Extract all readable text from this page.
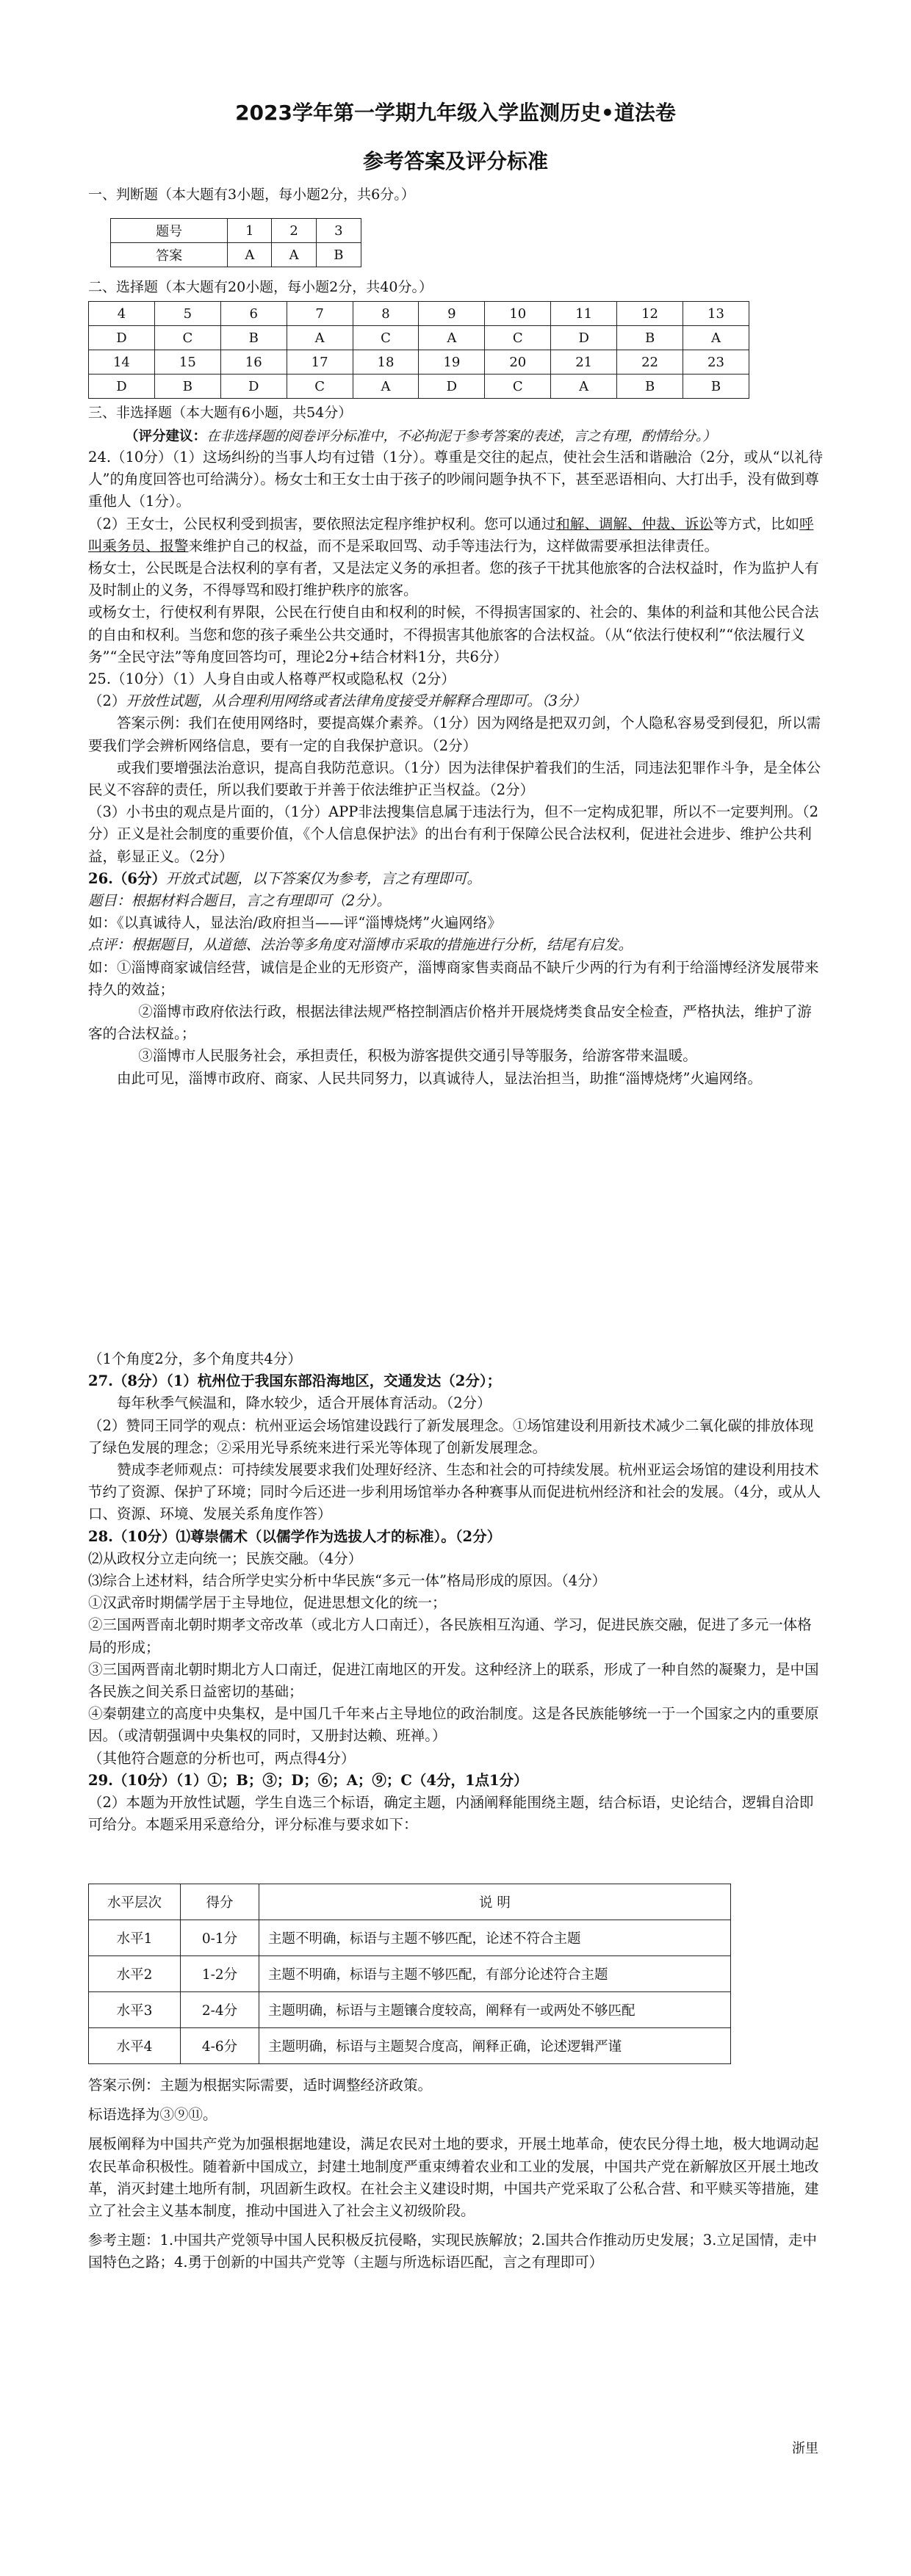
2023学年第一学期九年级入学监测历史•道法卷
参考答案及评分标准
一、判断题（本大题有3小题，每小题2分，共6分。）
题号	1	2	3
答案	A	A	B
二、选择题（本大题有20小题，每小题2分，共40分。）
4	5	6	7	8	9	10	11	12	13
D	C	B	A	C	A	C	D	B	A
14	15	16	17	18	19	20	21	22	23
D	B	D	C	A	D	C	A	B	B
三、非选择题（本大题有6小题，共54分）
（评分建议：在非选择题的阅卷评分标准中，不必拘泥于参考答案的表述，言之有理，酌情给分。）

24.（10分）（1）这场纠纷的当事人均有过错（1分）。尊重是交往的起点，使社会生活和谐融洽（2分，或从“以礼待人”的角度回答也可给满分）。杨女士和王女士由于孩子的吵闹问题争执不下，甚至恶语相向、大打出手，没有做到尊重他人（1分）。

（2）王女士，公民权利受到损害，要依照法定程序维护权利。您可以通过和解、调解、仲裁、诉讼等方式，比如呼叫乘务员、报警来维护自己的权益，而不是采取回骂、动手等违法行为，这样做需要承担法律责任。

杨女士，公民既是合法权利的享有者，又是法定义务的承担者。您的孩子干扰其他旅客的合法权益时，作为监护人有及时制止的义务，不得辱骂和殴打维护秩序的旅客。

或杨女士，行使权利有界限，公民在行使自由和权利的时候，不得损害国家的、社会的、集体的利益和其他公民合法的自由和权利。当您和您的孩子乘坐公共交通时，不得损害其他旅客的合法权益。（从“依法行使权利”“依法履行义务”“全民守法”等角度回答均可，理论2分+结合材料1分，共6分）

25.（10分）（1）人身自由或人格尊严权或隐私权（2分）

（2）开放性试题，从合理利用网络或者法律角度接受并解释合理即可。（3分）

答案示例：我们在使用网络时，要提高媒介素养。（1分）因为网络是把双刃剑，个人隐私容易受到侵犯，所以需要我们学会辨析网络信息，要有一定的自我保护意识。（2分）

或我们要增强法治意识，提高自我防范意识。（1分）因为法律保护着我们的生活，同违法犯罪作斗争，是全体公民义不容辞的责任，所以我们要敢于并善于依法维护正当权益。（2分）

（3）小书虫的观点是片面的，（1分）APP非法搜集信息属于违法行为，但不一定构成犯罪，所以不一定要判刑。（2分）正义是社会制度的重要价值，《个人信息保护法》的出台有利于保障公民合法权利，促进社会进步、维护公共利益，彰显正义。（2分）

26.（6分）开放式试题，以下答案仅为参考，言之有理即可。

题目：根据材料合题目，言之有理即可（2分）。

如：《以真诚待人，显法治/政府担当——评“淄博烧烤”火遍网络》

点评：根据题目，从道德、法治等多角度对淄博市采取的措施进行分析，结尾有启发。

如：①淄博商家诚信经营，诚信是企业的无形资产，淄博商家售卖商品不缺斤少两的行为有利于给淄博经济发展带来持久的效益；

②淄博市政府依法行政，根据法律法规严格控制酒店价格并开展烧烤类食品安全检查，严格执法，维护了游客的合法权益。；

③淄博市人民服务社会，承担责任，积极为游客提供交通引导等服务，给游客带来温暖。

由此可见，淄博市政府、商家、人民共同努力，以真诚待人，显法治担当，助推“淄博烧烤”火遍网络。

（1个角度2分，多个角度共4分）

27.（8分）（1）杭州位于我国东部沿海地区，交通发达（2分）；

每年秋季气候温和，降水较少，适合开展体育活动。（2分）

（2）赞同王同学的观点：杭州亚运会场馆建设践行了新发展理念。①场馆建设利用新技术减少二氧化碳的排放体现了绿色发展的理念；②采用光导系统来进行采光等体现了创新发展理念。

赞成李老师观点：可持续发展要求我们处理好经济、生态和社会的可持续发展。杭州亚运会场馆的建设利用技术节约了资源、保护了环境；同时今后还进一步利用场馆举办各种赛事从而促进杭州经济和社会的发展。（4分，或从人口、资源、环境、发展关系角度作答）

28.（10分）⑴尊崇儒术（以儒学作为选拔人才的标准）。（2分）

⑵从政权分立走向统一；民族交融。（4分）

⑶综合上述材料，结合所学史实分析中华民族“多元一体”格局形成的原因。（4分）

①汉武帝时期儒学居于主导地位，促进思想文化的统一；

②三国两晋南北朝时期孝文帝改革（或北方人口南迁），各民族相互沟通、学习，促进民族交融，促进了多元一体格局的形成；

③三国两晋南北朝时期北方人口南迁，促进江南地区的开发。这种经济上的联系，形成了一种自然的凝聚力，是中国各民族之间关系日益密切的基础；

④秦朝建立的高度中央集权，是中国几千年来占主导地位的政治制度。这是各民族能够统一于一个国家之内的重要原因。（或清朝强调中央集权的同时，又册封达赖、班禅。）

（其他符合题意的分析也可，两点得4分）

29.（10分）（1）①；B；③；D；⑥；A；⑨；C（4分，1点1分）

（2）本题为开放性试题，学生自选三个标语，确定主题，内涵阐释能围绕主题，结合标语，史论结合，逻辑自洽即可给分。本题采用采意给分，评分标准与要求如下：

水平层次	得分	说 明
水平1	0-1分	主题不明确，标语与主题不够匹配，论述不符合主题
水平2	1-2分	主题不明确，标语与主题不够匹配，有部分论述符合主题
水平3	2-4分	主题明确，标语与主题镶合度较高，阐释有一或两处不够匹配
水平4	4-6分	主题明确，标语与主题契合度高，阐释正确，论述逻辑严谨

答案示例：主题为根据实际需要，适时调整经济政策。

标语选择为③⑨⑪。

展板阐释为中国共产党为加强根据地建设，满足农民对土地的要求，开展土地革命，使农民分得土地，极大地调动起农民革命积极性。随着新中国成立，封建土地制度严重束缚着农业和工业的发展，中国共产党在新解放区开展土地改革，消灭封建土地所有制，巩固新生政权。在社会主义建设时期，中国共产党采取了公私合营、和平赎买等措施，建立了社会主义基本制度，推动中国进入了社会主义初级阶段。

参考主题：1.中国共产党领导中国人民积极反抗侵略，实现民族解放；2.国共合作推动历史发展；3.立足国情，走中国特色之路；4.勇于创新的中国共产党等（主题与所选标语匹配，言之有理即可）

浙里
